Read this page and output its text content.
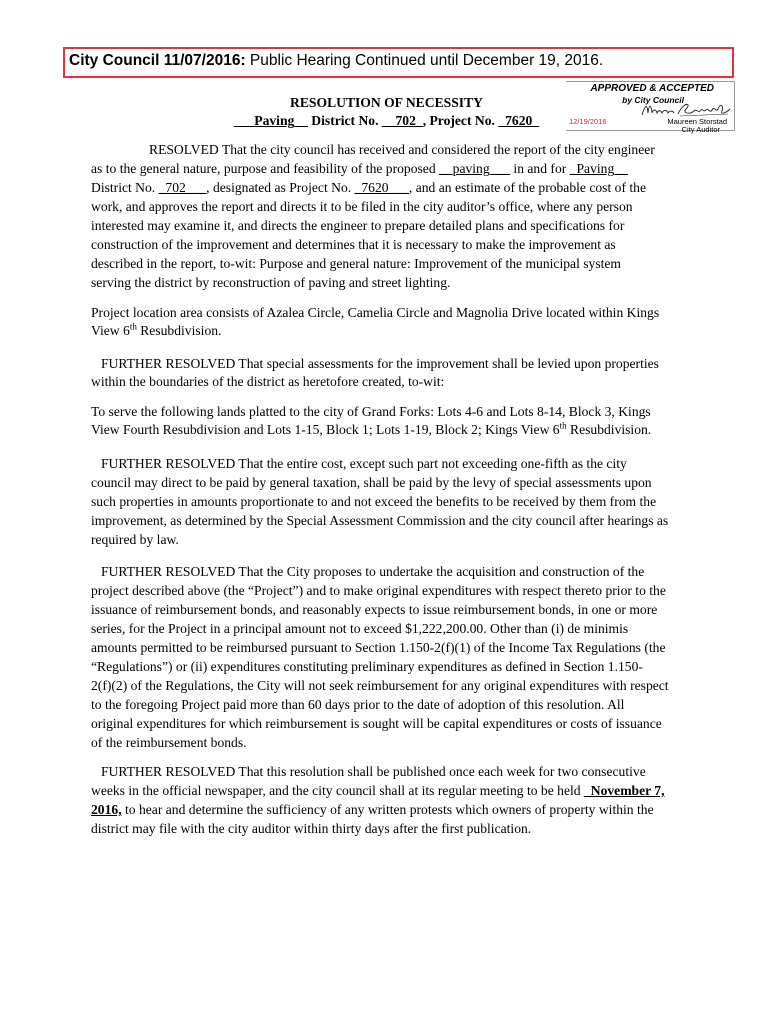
City Council 11/07/2016: Public Hearing Continued until December 19, 2016.
APPROVED & ACCEPTED
by City Council
12/19/2016	Maureen Storstad
City Auditor
RESOLUTION OF NECESSITY
___Paving__ District No. __702_, Project No. _7620_
RESOLVED That the city council has received and considered the report of the city engineer
as to the general nature, purpose and feasibility of the proposed __paving___ in and for _Paving__
District No. _702___, designated as Project No. _7620___, and an estimate of the probable cost of the
work, and approves the report and directs it to be filed in the city auditor’s office, where any person
interested may examine it, and directs the engineer to prepare detailed plans and specifications for
construction of the improvement and determines that it is necessary to make the improvement as
described in the report, to-wit: Purpose and general nature: Improvement of the municipal system
serving the district by reconstruction of paving and street lighting.
Project location area consists of Azalea Circle, Camelia Circle and Magnolia Drive located within Kings
View 6th Resubdivision.
FURTHER RESOLVED That special assessments for the improvement shall be levied upon properties
within the boundaries of the district as heretofore created, to-wit:
To serve the following lands platted to the city of Grand Forks: Lots 4-6 and Lots 8-14, Block 3, Kings
View Fourth Resubdivision and Lots 1-15, Block 1; Lots 1-19, Block 2; Kings View 6th Resubdivision.
FURTHER RESOLVED That the entire cost, except such part not exceeding one-fifth as the city
council may direct to be paid by general taxation, shall be paid by the levy of special assessments upon
such properties in amounts proportionate to and not exceed the benefits to be received by them from the
improvement, as determined by the Special Assessment Commission and the city council after hearings as
required by law.
FURTHER RESOLVED That the City proposes to undertake the acquisition and construction of the
project described above (the “Project”) and to make original expenditures with respect thereto prior to the
issuance of reimbursement bonds, and reasonably expects to issue reimbursement bonds, in one or more
series, for the Project in a principal amount not to exceed $1,222,200.00. Other than (i) de minimis
amounts permitted to be reimbursed pursuant to Section 1.150-2(f)(1) of the Income Tax Regulations (the
“Regulations”) or (ii) expenditures constituting preliminary expenditures as defined in Section 1.150-
2(f)(2) of the Regulations, the City will not seek reimbursement for any original expenditures with respect
to the foregoing Project paid more than 60 days prior to the date of adoption of this resolution. All
original expenditures for which reimbursement is sought will be capital expenditures or costs of issuance
of the reimbursement bonds.
FURTHER RESOLVED That this resolution shall be published once each week for two consecutive
weeks in the official newspaper, and the city council shall at its regular meeting to be held _November 7,
2016, to hear and determine the sufficiency of any written protests which owners of property within the
district may file with the city auditor within thirty days after the first publication.
